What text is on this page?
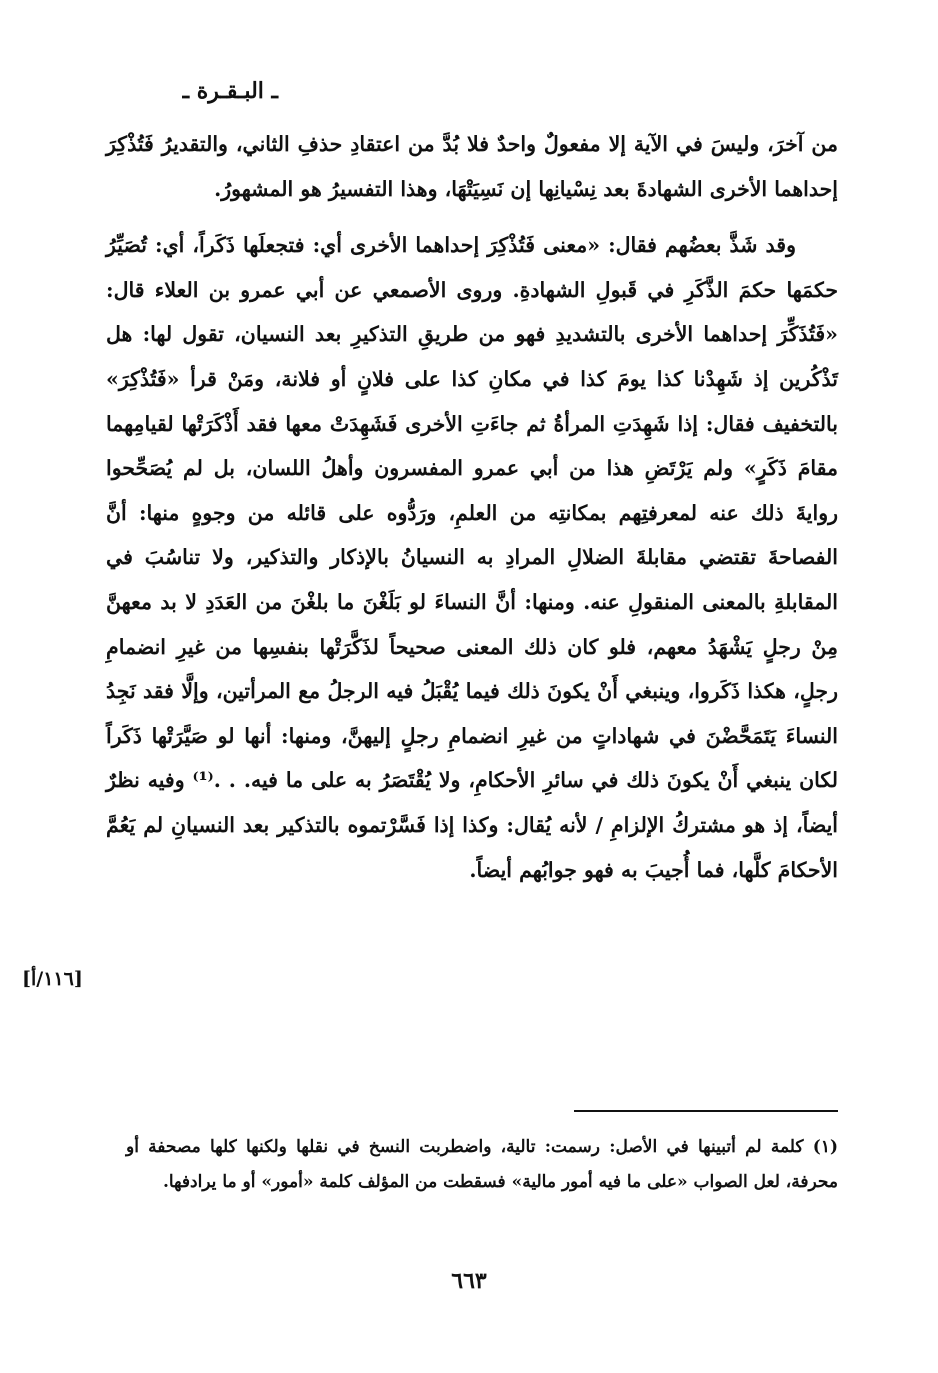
ـ البـقـرة ـ

من آخرَ، وليسَ في الآية إلا مفعولٌ واحدٌ فلا بُدَّ من اعتقادِ حذفِ الثاني، والتقديرُ فَتُذْكِرَ إحداهما الأخرى الشهادةَ بعد نِسْيانِها إن نَسِيَتْهَا، وهذا التفسيرُ هو المشهورُ.

وقد شَذَّ بعضُهم فقال: «معنى فَتُذْكِرَ إحداهما الأخرى أي: فتجعلَها ذَكَراً، أي: تُصَيِّرُ حكمَها حكمَ الذَّكَرِ في قَبولِ الشهادةِ. وروى الأصمعي عن أبي عمرو بن العلاء قال: «فَتُذَكِّرَ إحداهما الأخرى بالتشديدِ فهو من طريقِ التذكيرِ بعد النسيان، تقول لها: هل تَذْكُرين إذ شَهِدْنا كذا يومَ كذا في مكانِ كذا على فلانٍ أو فلانة، ومَنْ قرأ «فَتُذْكِرَ» بالتخفيف فقال: إذا شَهِدَتِ المرأةُ ثم جاءَتِ الأخرى فَشَهِدَتْ معها فقد أَذْكَرَتْها لقيامِهما مقامَ ذَكَرٍ» ولم يَرْتَضِ هذا من أبي عمرو المفسرون وأهلُ اللسان، بل لم يُصَحِّحوا روايةَ ذلك عنه لمعرفتِهم بمكانتِه من العلمِ، ورَدُّوه على قائله من وجوهٍ منها: أنَّ الفصاحةَ تقتضي مقابلةَ الضلالِ المرادِ به النسيانُ بالإذكار والتذكير، ولا تناسُبَ في المقابلةِ بالمعنى المنقولِ عنه. ومنها: أنَّ النساءَ لو بَلَغْنَ ما بلغْنَ من العَدَدِ لا بد معهنَّ مِنْ رجلٍ يَشْهَدُ معهم، فلو كان ذلك المعنى صحيحاً لذَكَّرَتْها بنفسِها من غيرِ انضمامِ رجلٍ، هكذا ذَكَروا، وينبغي أَنْ يكونَ ذلك فيما يُقْبَلُ فيه الرجلُ مع المرأتين، وإلَّا فقد نَجِدُ النساءَ يَتَمَحَّضْنَ في شهاداتٍ من غيرِ انضمامِ رجلٍ إليهنَّ، ومنها: أنها لو صَيَّرَتْها ذَكَراً لكان ينبغي أَنْ يكونَ ذلك في سائرِ الأحكامِ، ولا يُقْتَصَرُ به على ما فيه. . .⁽¹⁾ وفيه نظرٌ أيضاً، إذ هو مشتركُ الإلزامِ / لأنه يُقال: وكذا إذا فَسَّرْتموه بالتذكير بعد النسيانِ لم يَعُمَّ الأحكامَ كلَّها، فما أُجيبَ به فهو جوابُهم أيضاً.

[١١٦/أ]

(١) كلمة لم أتبينها في الأصل: رسمت: تالية، واضطربت النسخ في نقلها ولكنها كلها مصحفة أو محرفة، لعل الصواب «على ما فيه أمور مالية» فسقطت من المؤلف كلمة «أمور» أو ما يرادفها.

٦٦٣
